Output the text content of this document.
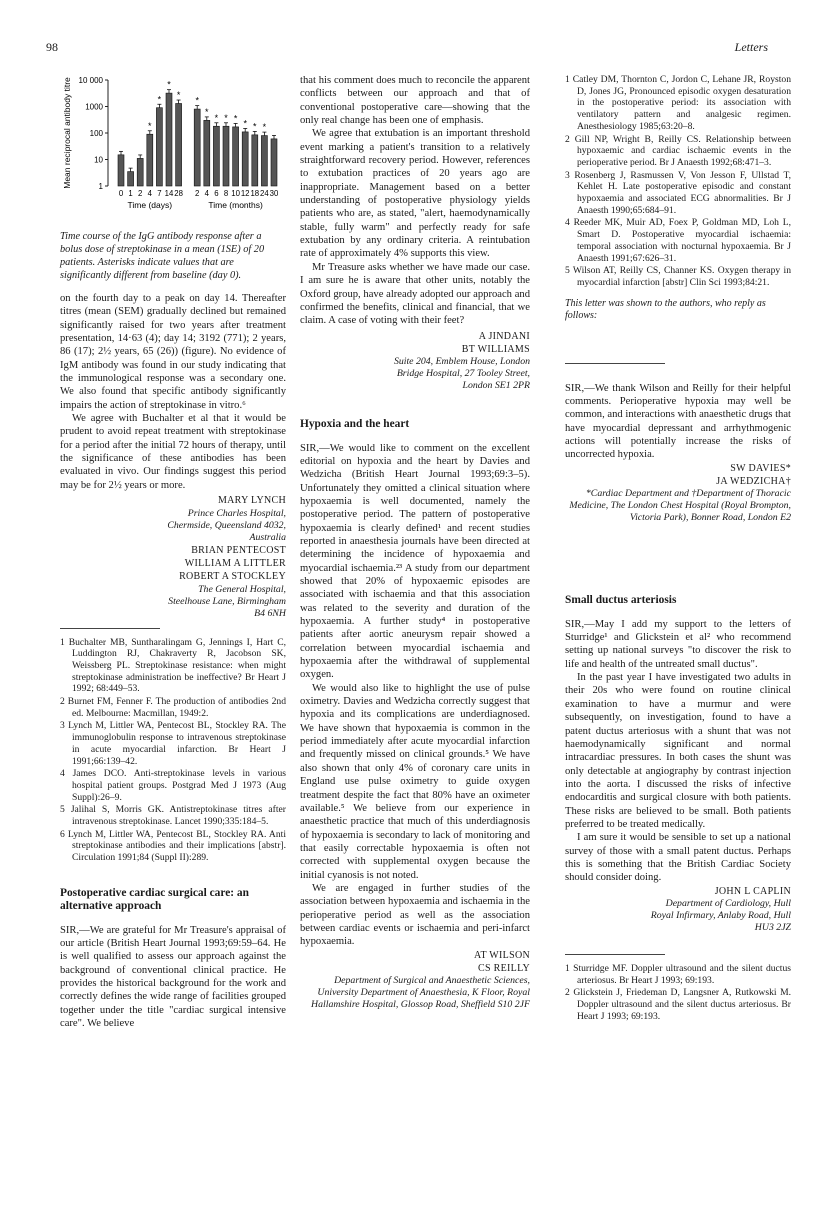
98	Letters
Mean reciprocal antibody titre 10 000
1000
100
10
1
0 1 2
*
4
*
7
*
14
*
28
Time (days)
*
2
*
4
*
6
*
8
*
10
*
12
*
18
*
24 30
Time (months)

Time course of the IgG antibody response after a bolus dose of streptokinase in a mean (1SE) of 20 patients. Asterisks indicate values that are significantly different from baseline (day 0).

on the fourth day to a peak on day 14. Thereafter titres (mean (SEM) gradually declined but remained significantly raised for two years after treatment presentation, 14·63 (4); day 14; 3192 (771); 2 years, 86 (17); 2½ years, 65 (26)) (figure). No evidence of IgM antibody was found in our study indicating that the immunological response was a secondary one. We also found that specific antibody significantly impairs the action of streptokinase in vitro.⁶

We agree with Buchalter et al that it would be prudent to avoid repeat treatment with streptokinase for a period after the initial 72 hours of therapy, until the significance of these antibodies has been evaluated in vivo. Our findings suggest this period may be for 2½ years or more.

MARY LYNCH
Prince Charles Hospital, Chermside, Queensland 4032, Australia
BRIAN PENTECOST
WILLIAM A LITTLER
ROBERT A STOCKLEY
The General Hospital, Steelhouse Lane, Birmingham B4 6NH
1 Buchalter MB, Suntharalingam G, Jennings I, Hart C, Luddington RJ, Chakraverty R, Jacobson SK, Weissberg PL. Streptokinase resistance: when might streptokinase administration be ineffective? Br Heart J 1992; 68:449–53.
2 Burnet FM, Fenner F. The production of antibodies 2nd ed. Melbourne: Macmillan, 1949:2.
3 Lynch M, Littler WA, Pentecost BL, Stockley RA. The immunoglobulin response to intravenous streptokinase in acute myocardial infarction. Br Heart J 1991;66:139–42.
4 James DCO. Anti-streptokinase levels in various hospital patient groups. Postgrad Med J 1973 (Aug Suppl):26–9.
5 Jalihal S, Morris GK. Antistreptokinase titres after intravenous streptokinase. Lancet 1990;335:184–5.
6 Lynch M, Littler WA, Pentecost BL, Stockley RA. Anti streptokinase antibodies and their implications [abstr]. Circulation 1991;84 (Suppl II):289.
Postoperative cardiac surgical care: an alternative approach

SIR,—We are grateful for Mr Treasure's appraisal of our article (British Heart Journal 1993;69:59–64. He is well qualified to assess our approach against the background of conventional clinical practice. He provides the historical background for the work and correctly defines the wide range of facilities grouped together under the title "cardiac surgical intensive care". We believe

that his comment does much to reconcile the apparent conflicts between our approach and that of conventional postoperative care—showing that the only real change has been one of emphasis.

We agree that extubation is an important threshold event marking a patient's transition to a relatively straightforward recovery period. However, references to extubation practices of 20 years ago are inappropriate. Management based on a better understanding of postoperative physiology yields patients who are, as stated, "alert, haemodynamically stable, fully warm" and perfectly ready for safe extubation by any ordinary criteria. A reintubation rate of approximately 4% supports this view.

Mr Treasure asks whether we have made our case. I am sure he is aware that other units, notably the Oxford group, have already adopted our approach and confirmed the benefits, clinical and financial, that we claim. A case of voting with their feet?

A JINDANI
BT WILLIAMS
Suite 204, Emblem House, London Bridge Hospital, 27 Tooley Street, London SE1 2PR
Hypoxia and the heart

SIR,—We would like to comment on the excellent editorial on hypoxia and the heart by Davies and Wedzicha (British Heart Journal 1993;69:3–5). Unfortunately they omitted a clinical situation where hypoxaemia is well documented, namely the postoperative period. The pattern of postoperative hypoxaemia is clearly defined¹ and recent studies reported in anaesthesia journals have been directed at determining the incidence of hypoxaemia and myocardial ischaemia.²³ A study from our department showed that 20% of hypoxaemic episodes are associated with ischaemia and that this association was related to the severity and duration of the hypoxaemia. A further study⁴ in postoperative patients after aortic aneurysm repair showed a correlation between myocardial ischaemia and hypoxaemia after the withdrawal of supplemental oxygen.

We would also like to highlight the use of pulse oximetry. Davies and Wedzicha correctly suggest that hypoxia and its complications are underdiagnosed. We have shown that hypoxaemia is common in the period immediately after acute myocardial infarction and frequently missed on clinical grounds.⁵ We have also shown that only 4% of coronary care units in England use pulse oximetry to guide oxygen treatment despite the fact that 80% have an oximeter available.⁵ We believe from our experience in anaesthetic practice that much of this underdiagnosis of hypoxaemia is secondary to lack of monitoring and that easily correctable hypoxaemia is often not corrected with supplemental oxygen because the initial cyanosis is not noted.

We are engaged in further studies of the association between hypoxaemia and ischaemia in the perioperative period as well as the association between cardiac events or ischaemia and peri-infarct hypoxaemia.

AT WILSON
CS REILLY
Department of Surgical and Anaesthetic Sciences, University Department of Anaesthesia, K Floor, Royal Hallamshire Hospital, Glossop Road, Sheffield S10 2JF
1 Catley DM, Thornton C, Jordon C, Lehane JR, Royston D, Jones JG, Pronounced episodic oxygen desaturation in the postoperative period: its association with ventilatory pattern and analgesic regimen. Anesthesiology 1985;63:20–8.
2 Gill NP, Wright B, Reilly CS. Relationship between hypoxaemic and cardiac ischaemic events in the perioperative period. Br J Anaesth 1992;68:471–3.
3 Rosenberg J, Rasmussen V, Von Jesson F, Ullstad T, Kehlet H. Late postoperative episodic and constant hypoxaemia and associated ECG abnormalities. Br J Anaesth 1990;65:684–91.
4 Reeder MK, Muir AD, Foex P, Goldman MD, Loh L, Smart D. Postoperative myocardial ischaemia: temporal association with nocturnal hypoxaemia. Br J Anaesth 1991;67:626–31.
5 Wilson AT, Reilly CS, Channer KS. Oxygen therapy in myocardial infarction [abstr] Clin Sci 1993;84:21.

This letter was shown to the authors, who reply as follows:

SIR,—We thank Wilson and Reilly for their helpful comments. Perioperative hypoxia may well be common, and interactions with anaesthetic drugs that have myocardial depressant and arrhythmogenic actions will potentially increase the risks of uncorrected hypoxia.

SW DAVIES*
JA WEDZICHA†
*Cardiac Department and †Department of Thoracic Medicine, The London Chest Hospital (Royal Brompton, Victoria Park), Bonner Road, London E2
Small ductus arteriosis

SIR,—May I add my support to the letters of Sturridge¹ and Glickstein et al² who recommend setting up national surveys "to discover the risk to life and health of the untreated small ductus".

In the past year I have investigated two adults in their 20s who were found on routine clinical examination to have a murmur and were subsequently, on investigation, found to have a patent ductus arteriosus with a shunt that was not haemodynamically significant and normal intracardiac pressures. In both cases the shunt was only detectable at angiography by contrast injection into the aorta. I discussed the risks of infective endocarditis and surgical closure with both patients. These risks are believed to be small. Both patients preferred to be treated medically.

I am sure it would be sensible to set up a national survey of those with a small patent ductus. Perhaps this is something that the British Cardiac Society should consider doing.

JOHN L CAPLIN
Department of Cardiology, Hull Royal Infirmary, Anlaby Road, Hull HU3 2JZ
1 Sturridge MF. Doppler ultrasound and the silent ductus arteriosus. Br Heart J 1993; 69:193.
2 Glickstein J, Friedeman D, Langsner A, Rutkowski M. Doppler ultrasound and the silent ductus arteriosus. Br Heart J 1993; 69:193.
